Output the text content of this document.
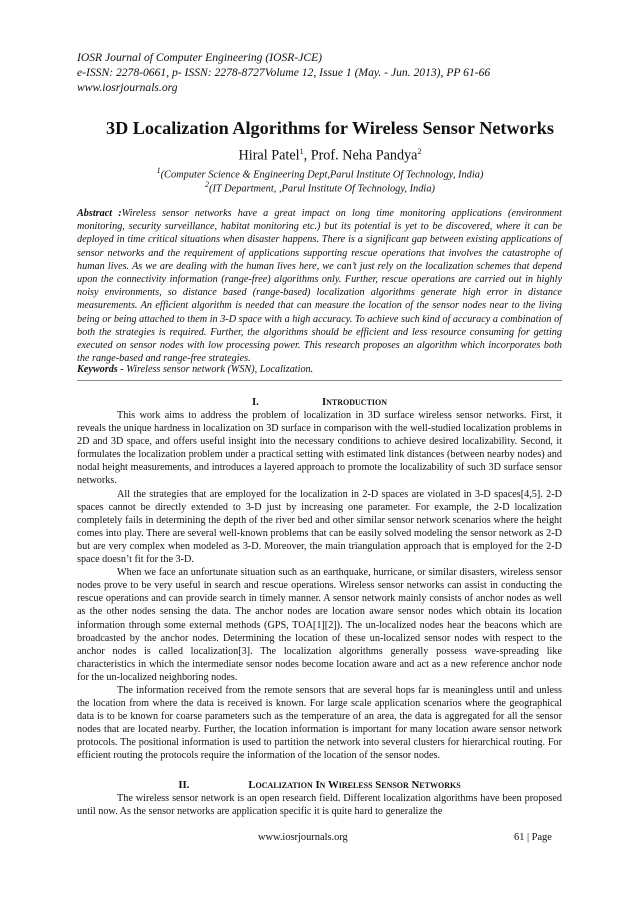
IOSR Journal of Computer Engineering (IOSR-JCE)
e-ISSN: 2278-0661, p- ISSN: 2278-8727Volume 12, Issue 1 (May. - Jun. 2013), PP 61-66
www.iosrjournals.org
3D Localization Algorithms for Wireless Sensor Networks
Hiral Patel$^1$, Prof. Neha Pandya$^2$
$^1$(Computer Science & Engineering Dept,Parul Institute Of Technology, India)
$^2$(IT Department, ,Parul Institute Of Technology, India)
Abstract :Wireless sensor networks have a great impact on long time monitoring applications (environment monitoring, security surveillance, habitat monitoring etc.) but its potential is yet to be discovered, where it can be deployed in time critical situations when disaster happens. There is a significant gap between existing applications of sensor networks and the requirement of applications supporting rescue operations that involves the catastrophe of human lives. As we are dealing with the human lives here, we can’t just rely on the localization schemes that depend upon the connectivity information (range-free) algorithms only. Further, rescue operations are carried out in highly noisy environments, so distance based (range-based) localization algorithms generate high error in distance measurements. An efficient algorithm is needed that can measure the location of the sensor nodes near to the living being or being attached to them in 3-D space with a high accuracy. To achieve such kind of accuracy a combination of both the strategies is required. Further, the algorithms should be efficient and less resource consuming for getting executed on sensor nodes with low processing power. This research proposes an algorithm which incorporates both the range-based and range-free strategies.
Keywords - Wireless sensor network (WSN), Localization.
I.	Introduction

This work aims to address the problem of localization in 3D surface wireless sensor networks. First, it reveals the unique hardness in localization on 3D surface in comparison with the well-studied localization problems in 2D and 3D space, and offers useful insight into the necessary conditions to achieve desired localizability. Second, it formulates the localization problem under a practical setting with estimated link distances (between nearby nodes) and nodal height measurements, and introduces a layered approach to promote the localizability of such 3D surface sensor networks.

All the strategies that are employed for the localization in 2-D spaces are violated in 3-D spaces[4,5]. 2-D spaces cannot be directly extended to 3-D just by increasing one parameter. For example, the 2-D localization completely fails in determining the depth of the river bed and other similar sensor network scenarios where the height comes into play. There are several well-known problems that can be easily solved modeling the sensor network as 2-D but are very complex when modeled as 3-D. Moreover, the main triangulation approach that is employed for the 2-D space doesn’t fit for the 3-D.

When we face an unfortunate situation such as an earthquake, hurricane, or similar disasters, wireless sensor nodes prove to be very useful in search and rescue operations. Wireless sensor networks can assist in conducting the rescue operations and can provide search in timely manner. A sensor network mainly consists of anchor nodes as well as the other nodes sensing the data. The anchor nodes are location aware sensor nodes which obtain its location information through some external methods (GPS, TOA[1][2]). The un-localized nodes hear the beacons which are broadcasted by the anchor nodes. Determining the location of these un-localized sensor nodes with respect to the anchor nodes is called localization[3]. The localization algorithms generally possess wave-spreading like characteristics in which the intermediate sensor nodes become location aware and act as a new reference anchor node for the un-localized neighboring nodes.

The information received from the remote sensors that are several hops far is meaningless until and unless the location from where the data is received is known. For large scale application scenarios where the geographical data is to be known for coarse parameters such as the temperature of an area, the data is aggregated for all the sensor nodes that are located nearby. Further, the location information is important for many location aware sensor network protocols. The positional information is used to partition the network into several clusters for hierarchical routing. For efficient routing the protocols require the information of the location of the sensor nodes.

II.	Localization In Wireless Sensor Networks

The wireless sensor network is an open research field. Different localization algorithms have been proposed until now. As the sensor networks are application specific it is quite hard to generalize the

www.iosrjournals.org	61 | Page
